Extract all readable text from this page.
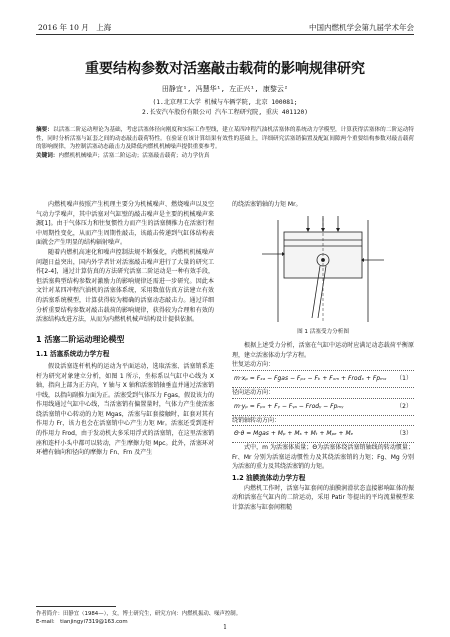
2016 年 10 月　上海	中国内燃机学会第九届学术年会
重要结构参数对活塞敲击载荷的影响规律研究
田静宜¹, 冯慧华¹, 左正兴¹, 康黎云²
(1.北京理工大学 机械与车辆学院, 北京 100081;
2.长安汽车股份有限公司 汽车工程研究院, 重庆 401120)
摘要：以活塞二阶运动理论为基础，考虑活塞体径向刚度和实际工作型线，建立某四冲程汽油机活塞体的系统动力学模型，计算获得活塞体的二阶运动特性，同时分析活塞与缸套之间的动态敲击载荷特性。在验证在该计算结果有效性的基础上，详细研究活塞销偏置及配缸间隙两个重要结构参数对敲击载荷的影响规律，为控制活塞动态敲击力及降低内燃机机械噪声提供重要参考。
关键词：内燃机机械噪声；活塞二阶运动；活塞敲击载荷；动力学仿真

内燃机噪声按照产生机理主要分为机械噪声、燃烧噪声以及空气动力学噪声，其中活塞对气缸壁的敲击噪声是主要的机械噪声来源[1]。由于气体压力和往复惯性力而产生的活塞侧推力在活塞行程中周期性变化，从而产生周期性敲击，该敲击传递到气缸体结构表面就会产生明显的结构辐射噪声。

随着内燃机高速化和噪声控制法规不断强化，内燃机机械噪声问题日益突出，国内外学者针对活塞敲击噪声进行了大量的研究工作[2-4]，通过计算仿真的方法研究活塞二阶运动是一种有效手段，但活塞典型结构参数对激励力的影响规律还需进一步研究。因此本文针对某四冲程汽油机的活塞体系统，采用数值仿真方法建立有效的活塞系统模型，计算获得较为精确的活塞动态敲击力。通过详细分析重要结构参数对敲击载荷的影响规律，获得较为合理和有效的活塞结构改进方法，从而为内燃机机械声结构设计提供依据。

1 活塞二阶运动理论模型
1.1 活塞系统动力学方程

假设活塞连杆机构的运动为平面运动，选取活塞、活塞销系连杆为研究对象建立分析，如图 1 所示，坐标系以气缸中心线为 X 轴，指向上部为正方向，Y 轴与 X 轴和活塞销轴垂直并通过活塞销中线，以指向副推力面为正。活塞受到气体压力 Fgas，假设该力的作用线通过气缸中心线，当活塞销有偏置量时，气体力产生使活塞绕活塞销中心转动的力矩 Mgas，活塞与缸套接触时，缸套对其有作用力 Fr，该力也会在活塞销中心产生力矩 Mr。活塞还受到连杆的作用力 Frod，由于发动机大多采用浮式的活塞销，在这里活塞销座和连杆小头中都可以转动，产生摩擦力矩 Mpc。此外，活塞环对环槽有轴向和径向的摩擦力 Fn、Frn 及产生

的绕活塞销轴的力矩 Mr。
图 1 活塞受力分析图

根据上述受力分析，活塞在气缸中运动时应满足动态载荷平衡原理，建立活塞体动力学方程。

往复运动方向：
m·xₚ = Fₓₐ − Fgas − Fₚₓ − Fₖ + Fₓₘ + Frodₓ + Fpₘₓ （1）
径向运动方向：
m·yₚ = Fₚₓ + Fᵧ − Fᵧₐ − Frodᵧ − Fpₘᵧ	（2）
绕销轴转动方向：
Θ·θ = Mgas + Mₚ + Mₛ + Mₜ + Mₚₑ + Mₑ	（3）

式中，m 为活塞体质量；Θ为活塞体绕活塞销轴线的转动惯量；Fr、Mr 分别为活塞运动惯性力及其绕活塞销的力矩；Fg、Mg 分别为活塞的重力及其绕活塞销的力矩。

1.2 油膜流体动力学方程

内燃机工作时，活塞与缸套间的油膜润滑状态直接影响缸体的振动和活塞在气缸内的二阶运动，采用 Patir 等提出的平均流量模型来计算活塞与缸套间粗糙

作者简介：田静宜（1984—），女，博士研究生，研究方向：内燃机振动、噪声控制。
E-mail:　tianjingyi7319@163.com
1
